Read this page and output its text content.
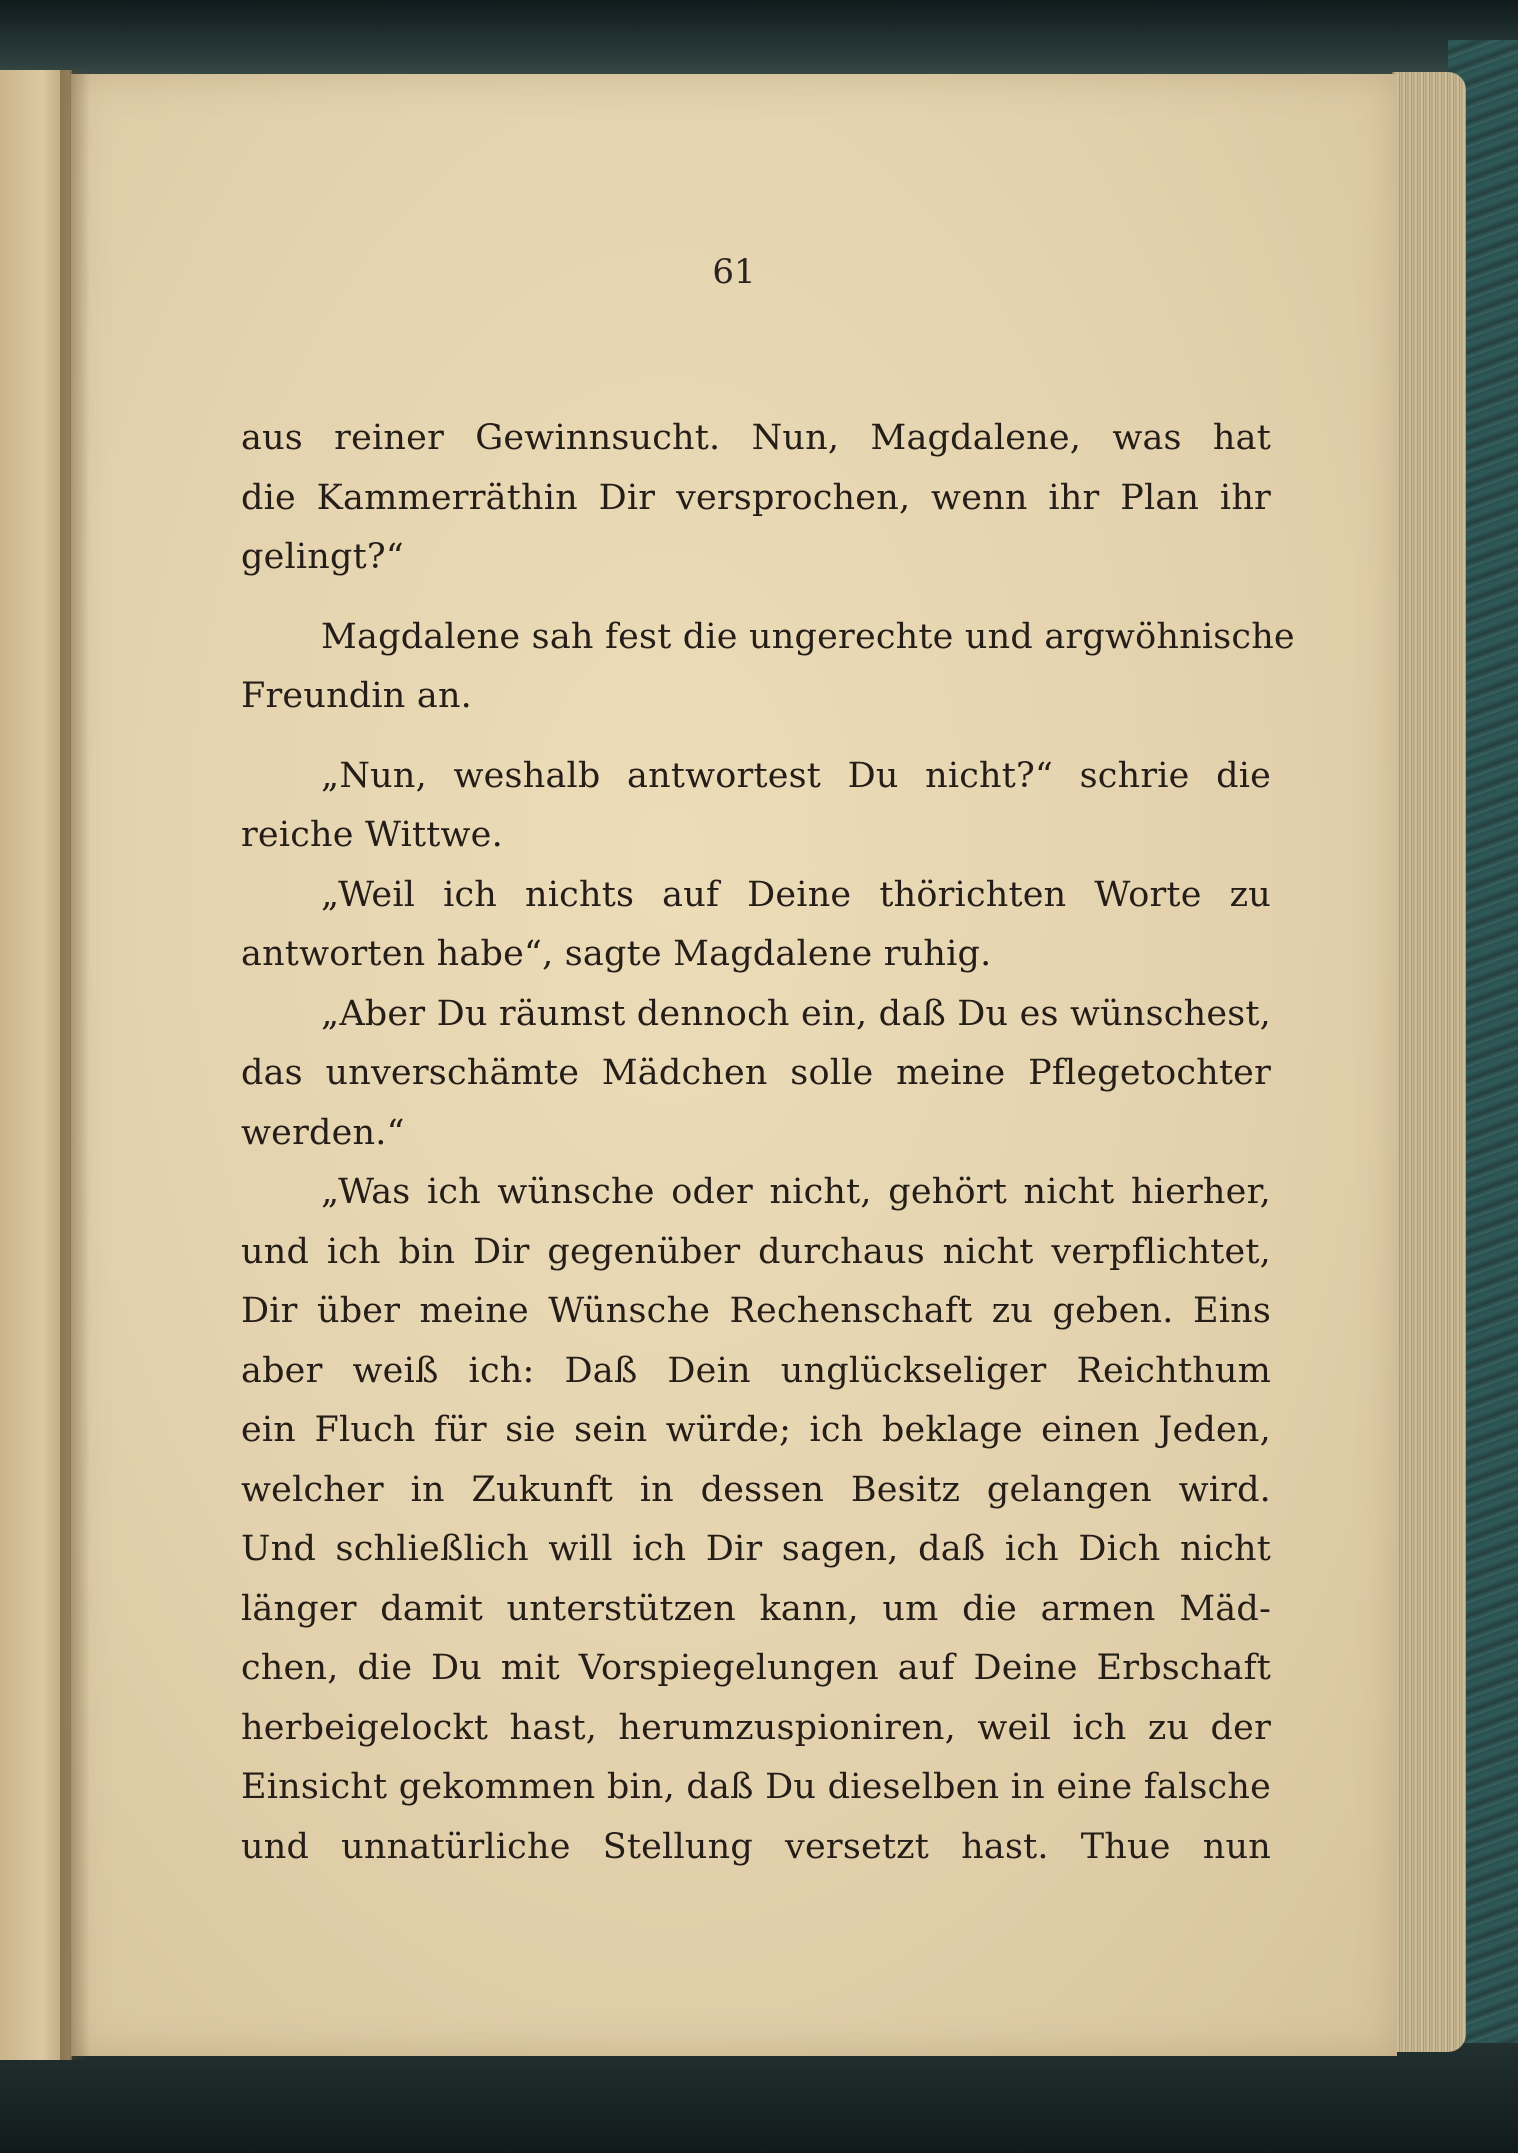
61
aus reiner Gewinnsucht. Nun, Magdalene, was hat
die Kammerräthin Dir versprochen, wenn ihr Plan ihr
gelingt?“
Magdalene sah fest die ungerechte und argwöhnische
Freundin an.
„Nun, weshalb antwortest Du nicht?“ schrie die
reiche Wittwe.
„Weil ich nichts auf Deine thörichten Worte zu
antworten habe“, sagte Magdalene ruhig.
„Aber Du räumst dennoch ein, daß Du es wünschest,
das unverschämte Mädchen solle meine Pflegetochter
werden.“
„Was ich wünsche oder nicht, gehört nicht hierher,
und ich bin Dir gegenüber durchaus nicht verpflichtet,
Dir über meine Wünsche Rechenschaft zu geben. Eins
aber weiß ich: Daß Dein unglückseliger Reichthum
ein Fluch für sie sein würde; ich beklage einen Jeden,
welcher in Zukunft in dessen Besitz gelangen wird.
Und schließlich will ich Dir sagen, daß ich Dich nicht
länger damit unterstützen kann, um die armen Mäd-
chen, die Du mit Vorspiegelungen auf Deine Erbschaft
herbeigelockt hast, herumzuspioniren, weil ich zu der
Einsicht gekommen bin, daß Du dieselben in eine falsche
und unnatürliche Stellung versetzt hast. Thue nun
